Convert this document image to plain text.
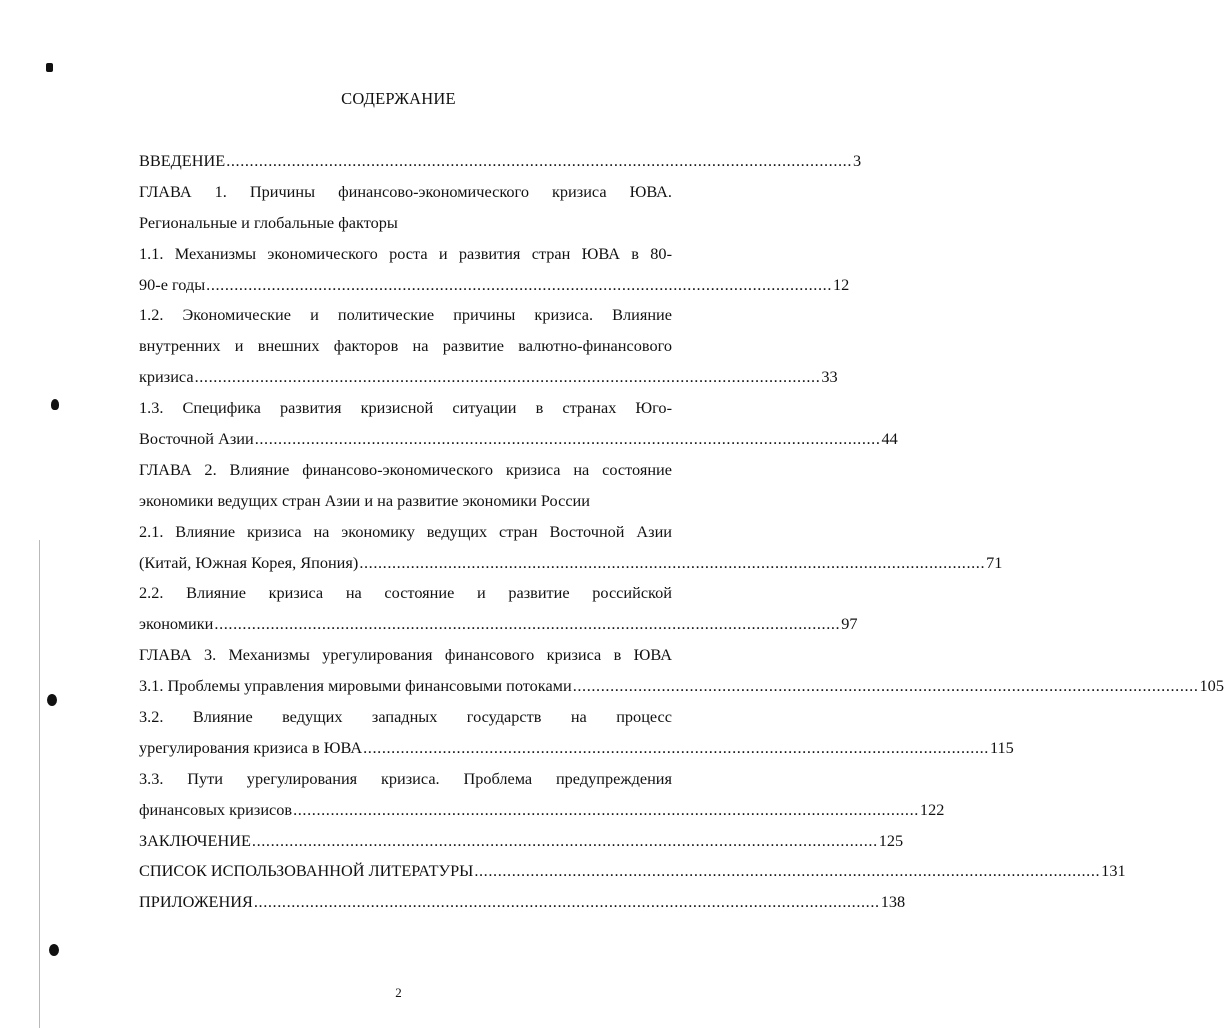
СОДЕРЖАНИЕ
ВВЕДЕНИЕ ...................................................................................................................................... 3
ГЛАВА 1. Причины финансово-экономического кризиса ЮВА.
Региональные и глобальные факторы
1.1. Механизмы экономического роста и развития стран ЮВА в 80-
90-е годы ...................................................................................................................................... 12
1.2. Экономические и политические причины кризиса. Влияние
внутренних и внешних факторов на развитие валютно-финансового
кризиса ...................................................................................................................................... 33
1.3. Специфика развития кризисной ситуации в странах Юго-
Восточной Азии ...................................................................................................................................... 44
ГЛАВА 2. Влияние финансово-экономического кризиса на состояние
экономики ведущих стран Азии и на развитие экономики России
2.1. Влияние кризиса на экономику ведущих стран Восточной Азии
(Китай, Южная Корея, Япония) ...................................................................................................................................... 71
2.2. Влияние кризиса на состояние и развитие российской
экономики ...................................................................................................................................... 97
ГЛАВА 3. Механизмы урегулирования финансового кризиса в ЮВА
3.1. Проблемы управления мировыми финансовыми потоками ...................................................................................................................................... 105
3.2. Влияние ведущих западных государств на процесс
урегулирования кризиса в ЮВА ...................................................................................................................................... 115
3.3. Пути урегулирования кризиса. Проблема предупреждения
финансовых кризисов ...................................................................................................................................... 122
ЗАКЛЮЧЕНИЕ ...................................................................................................................................... 125
СПИСОК ИСПОЛЬЗОВАННОЙ ЛИТЕРАТУРЫ ...................................................................................................................................... 131
ПРИЛОЖЕНИЯ ...................................................................................................................................... 138
2
